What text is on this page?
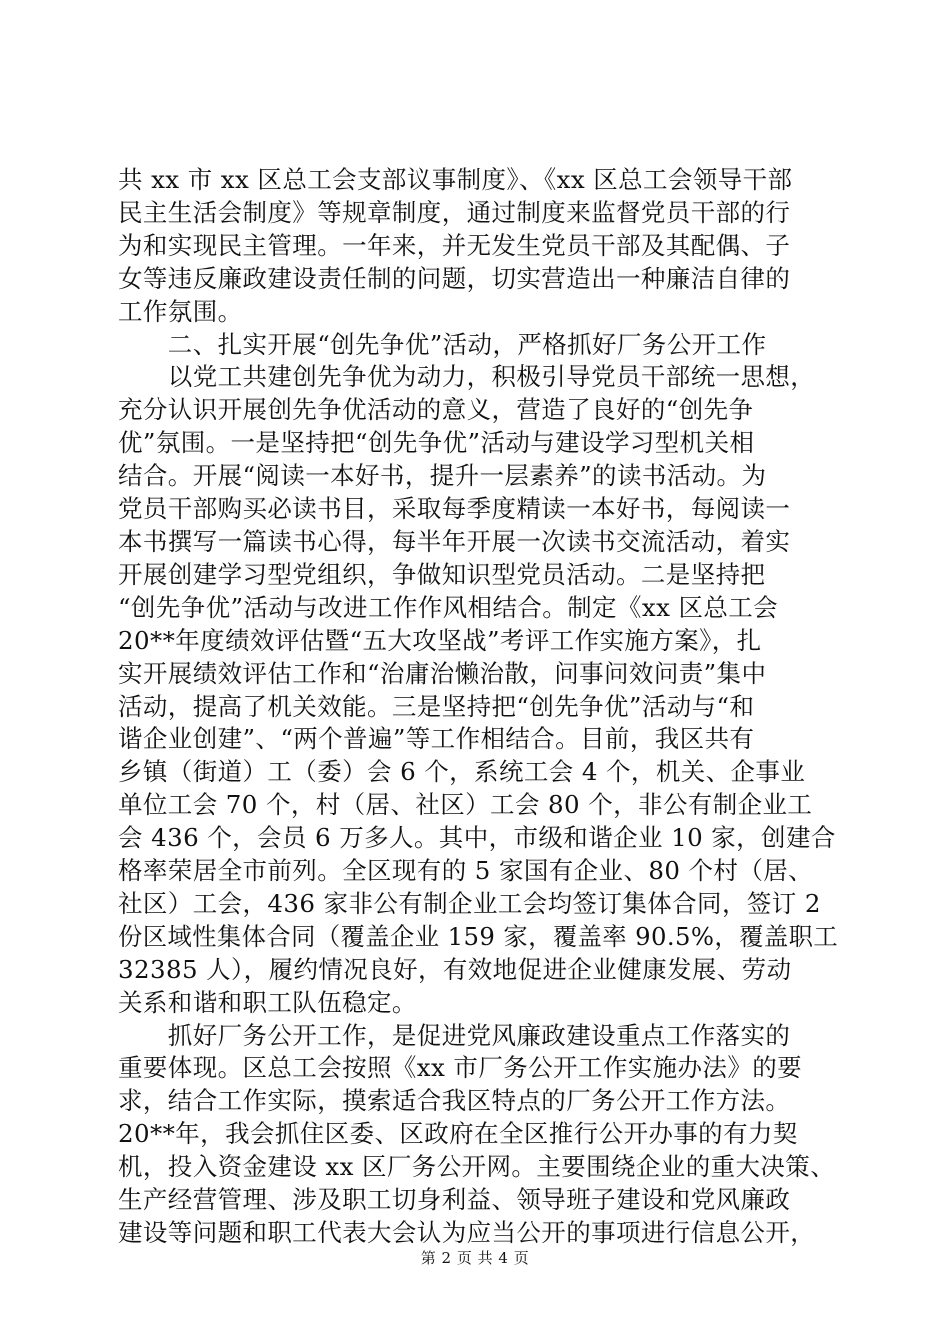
共 xx 市 xx 区总工会支部议事制度》、《xx 区总工会领导干部
民主生活会制度》等规章制度，通过制度来监督党员干部的行
为和实现民主管理。一年来，并无发生党员干部及其配偶、子
女等违反廉政建设责任制的问题，切实营造出一种廉洁自律的
工作氛围。
　　二、扎实开展“创先争优”活动，严格抓好厂务公开工作
　　以党工共建创先争优为动力，积极引导党员干部统一思想，
充分认识开展创先争优活动的意义，营造了良好的“创先争
优”氛围。一是坚持把“创先争优”活动与建设学习型机关相
结合。开展“阅读一本好书，提升一层素养”的读书活动。为
党员干部购买必读书目，采取每季度精读一本好书，每阅读一
本书撰写一篇读书心得，每半年开展一次读书交流活动，着实
开展创建学习型党组织，争做知识型党员活动。二是坚持把
“创先争优”活动与改进工作作风相结合。制定《xx 区总工会
20**年度绩效评估暨“五大攻坚战”考评工作实施方案》，扎
实开展绩效评估工作和“治庸治懒治散，问事问效问责”集中
活动，提高了机关效能。三是坚持把“创先争优”活动与“和
谐企业创建”、“两个普遍”等工作相结合。目前，我区共有
乡镇（街道）工（委）会 6 个，系统工会 4 个，机关、企事业
单位工会 70 个，村（居、社区）工会 80 个，非公有制企业工
会 436 个，会员 6 万多人。其中，市级和谐企业 10 家，创建合
格率荣居全市前列。全区现有的 5 家国有企业、80 个村（居、
社区）工会，436 家非公有制企业工会均签订集体合同，签订 2
份区域性集体合同（覆盖企业 159 家，覆盖率 90.5%，覆盖职工
32385 人），履约情况良好，有效地促进企业健康发展、劳动
关系和谐和职工队伍稳定。
　　抓好厂务公开工作，是促进党风廉政建设重点工作落实的
重要体现。区总工会按照《xx 市厂务公开工作实施办法》的要
求，结合工作实际，摸索适合我区特点的厂务公开工作方法。
20**年，我会抓住区委、区政府在全区推行公开办事的有力契
机，投入资金建设 xx 区厂务公开网。主要围绕企业的重大决策、
生产经营管理、涉及职工切身利益、领导班子建设和党风廉政
建设等问题和职工代表大会认为应当公开的事项进行信息公开，
第 2 页 共 4 页
